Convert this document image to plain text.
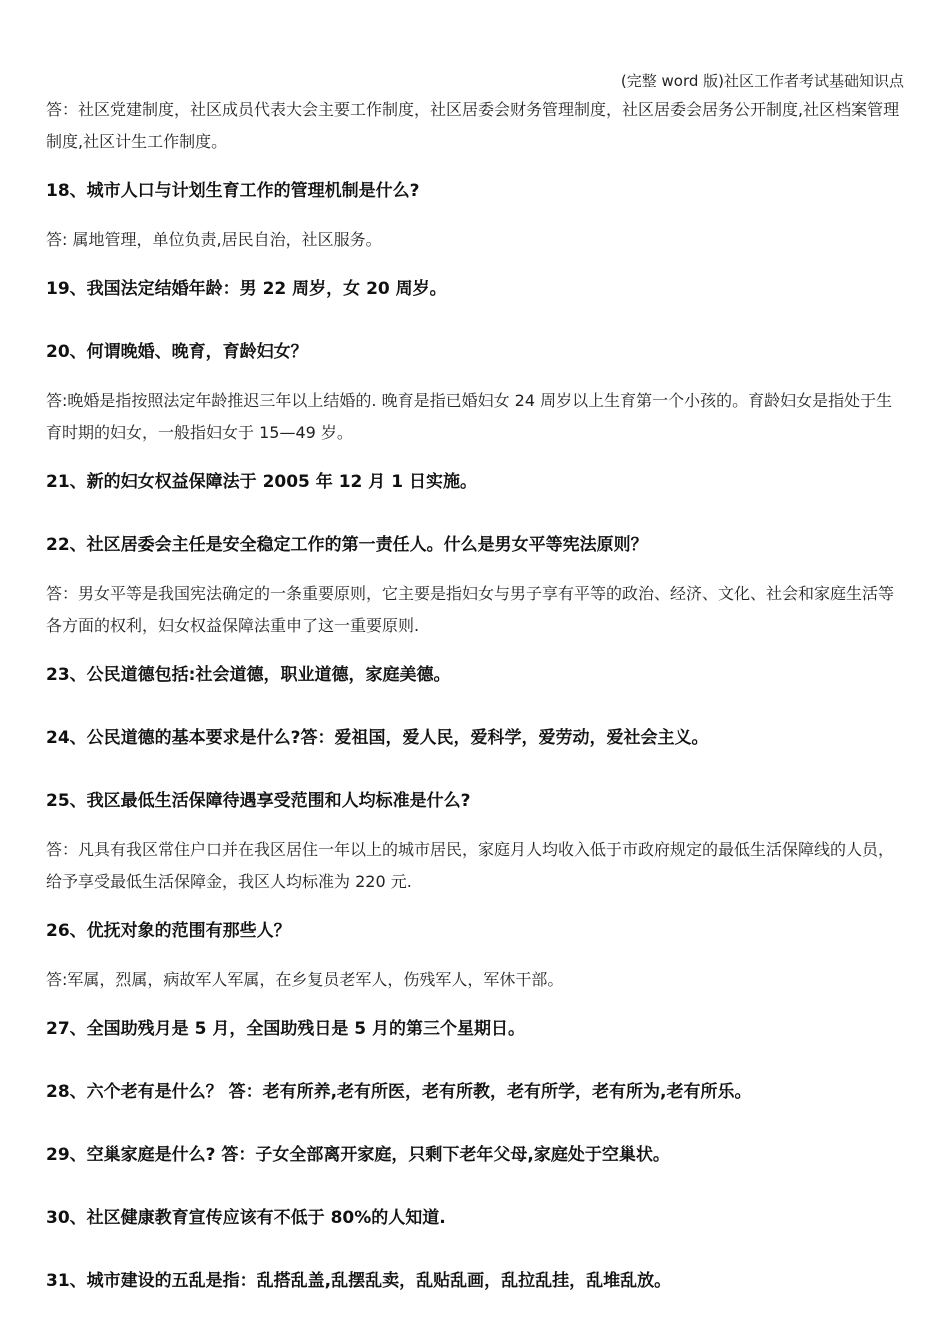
(完整 word 版)社区工作者考试基础知识点

答：社区党建制度，社区成员代表大会主要工作制度，社区居委会财务管理制度，社区居委会居务公开制度,社区档案管理制度,社区计生工作制度。

18、城市人口与计划生育工作的管理机制是什么?

答: 属地管理，单位负责,居民自治，社区服务。

19、我国法定结婚年龄：男 22 周岁，女 20 周岁。

20、何谓晚婚、晚育，育龄妇女？

答:晚婚是指按照法定年龄推迟三年以上结婚的. 晚育是指已婚妇女 24 周岁以上生育第一个小孩的。育龄妇女是指处于生育时期的妇女，一般指妇女于 15—49 岁。

21、新的妇女权益保障法于 2005 年 12 月 1 日实施。

22、社区居委会主任是安全稳定工作的第一责任人。什么是男女平等宪法原则？

答：男女平等是我国宪法确定的一条重要原则，它主要是指妇女与男子享有平等的政治、经济、文化、社会和家庭生活等各方面的权利，妇女权益保障法重申了这一重要原则.

23、公民道德包括:社会道德，职业道德，家庭美德。

24、公民道德的基本要求是什么?答：爱祖国，爱人民，爱科学，爱劳动，爱社会主义。

25、我区最低生活保障待遇享受范围和人均标准是什么?

答：凡具有我区常住户口并在我区居住一年以上的城市居民，家庭月人均收入低于市政府规定的最低生活保障线的人员，给予享受最低生活保障金，我区人均标准为 220 元.

26、优抚对象的范围有那些人？

答:军属，烈属，病故军人军属，在乡复员老军人，伤残军人，军休干部。

27、全国助残月是 5 月，全国助残日是 5 月的第三个星期日。

28、六个老有是什么？ 答：老有所养,老有所医，老有所教，老有所学，老有所为,老有所乐。

29、空巢家庭是什么? 答：子女全部离开家庭，只剩下老年父母,家庭处于空巢状。

30、社区健康教育宣传应该有不低于 80%的人知道.

31、城市建设的五乱是指：乱搭乱盖,乱摆乱卖，乱贴乱画，乱拉乱挂，乱堆乱放。
